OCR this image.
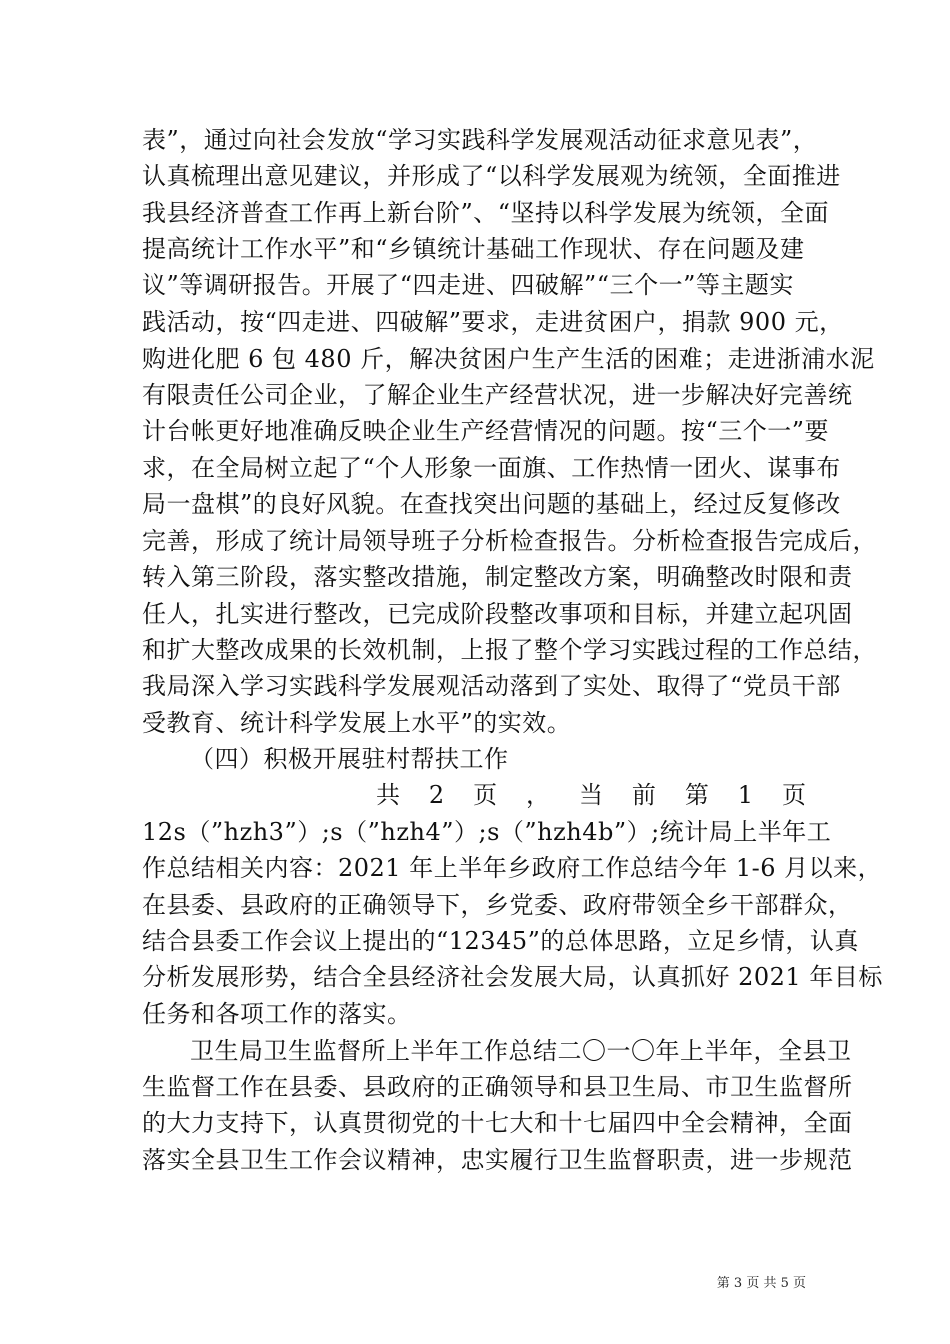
表”，通过向社会发放“学习实践科学发展观活动征求意见表”，
认真梳理出意见建议，并形成了“以科学发展观为统领，全面推进
我县经济普查工作再上新台阶”、“坚持以科学发展为统领，全面
提高统计工作水平”和“乡镇统计基础工作现状、存在问题及建
议”等调研报告。开展了“四走进、四破解”“三个一”等主题实
践活动，按“四走进、四破解”要求，走进贫困户，捐款 900 元，
购进化肥 6 包 480 斤，解决贫困户生产生活的困难；走进浙浦水泥
有限责任公司企业，了解企业生产经营状况，进一步解决好完善统
计台帐更好地准确反映企业生产经营情况的问题。按“三个一”要
求，在全局树立起了“个人形象一面旗、工作热情一团火、谋事布
局一盘棋”的良好风貌。在查找突出问题的基础上，经过反复修改
完善，形成了统计局领导班子分析检查报告。分析检查报告完成后，
转入第三阶段，落实整改措施，制定整改方案，明确整改时限和责
任人，扎实进行整改，已完成阶段整改事项和目标，并建立起巩固
和扩大整改成果的长效机制，上报了整个学习实践过程的工作总结，
我局深入学习实践科学发展观活动落到了实处、取得了“党员干部
受教育、统计科学发展上水平”的实效。
（四）积极开展驻村帮扶工作
共 2 页 ， 当 前 第 1 页
12s（”hzh3”）;s（”hzh4”）;s（”hzh4b”）;统计局上半年工
作总结相关内容：2021 年上半年乡政府工作总结今年 1-6 月以来，
在县委、县政府的正确领导下，乡党委、政府带领全乡干部群众，
结合县委工作会议上提出的“12345”的总体思路，立足乡情，认真
分析发展形势，结合全县经济社会发展大局，认真抓好 2021 年目标
任务和各项工作的落实。
卫生局卫生监督所上半年工作总结二〇一〇年上半年，全县卫
生监督工作在县委、县政府的正确领导和县卫生局、市卫生监督所
的大力支持下，认真贯彻党的十七大和十七届四中全会精神，全面
落实全县卫生工作会议精神，忠实履行卫生监督职责，进一步规范
第 3 页 共 5 页
